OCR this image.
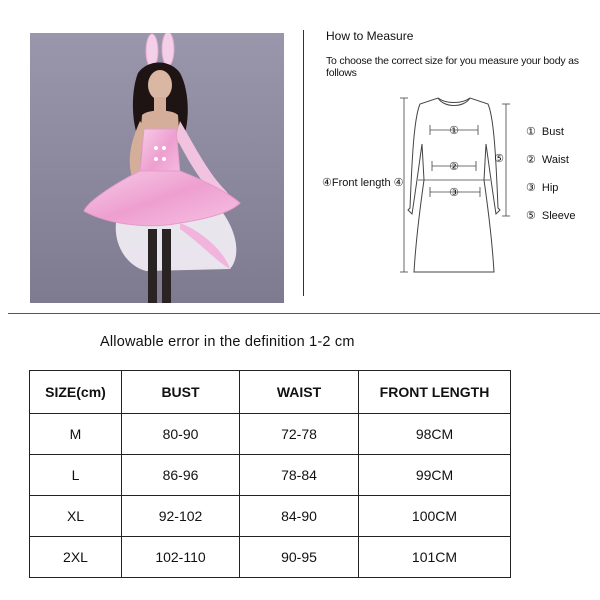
How to Measure
To choose the correct size for you measure your body as follows
①
②
③
⑤
④Front length ④
① Bust
② Waist
③ Hip
⑤ Sleeve
Allowable error in the definition 1-2 cm
SIZE(cm)	BUST	WAIST	FRONT LENGTH
M	80-90	72-78	98CM
L	86-96	78-84	99CM
XL	92-102	84-90	100CM
2XL	102-110	90-95	101CM
